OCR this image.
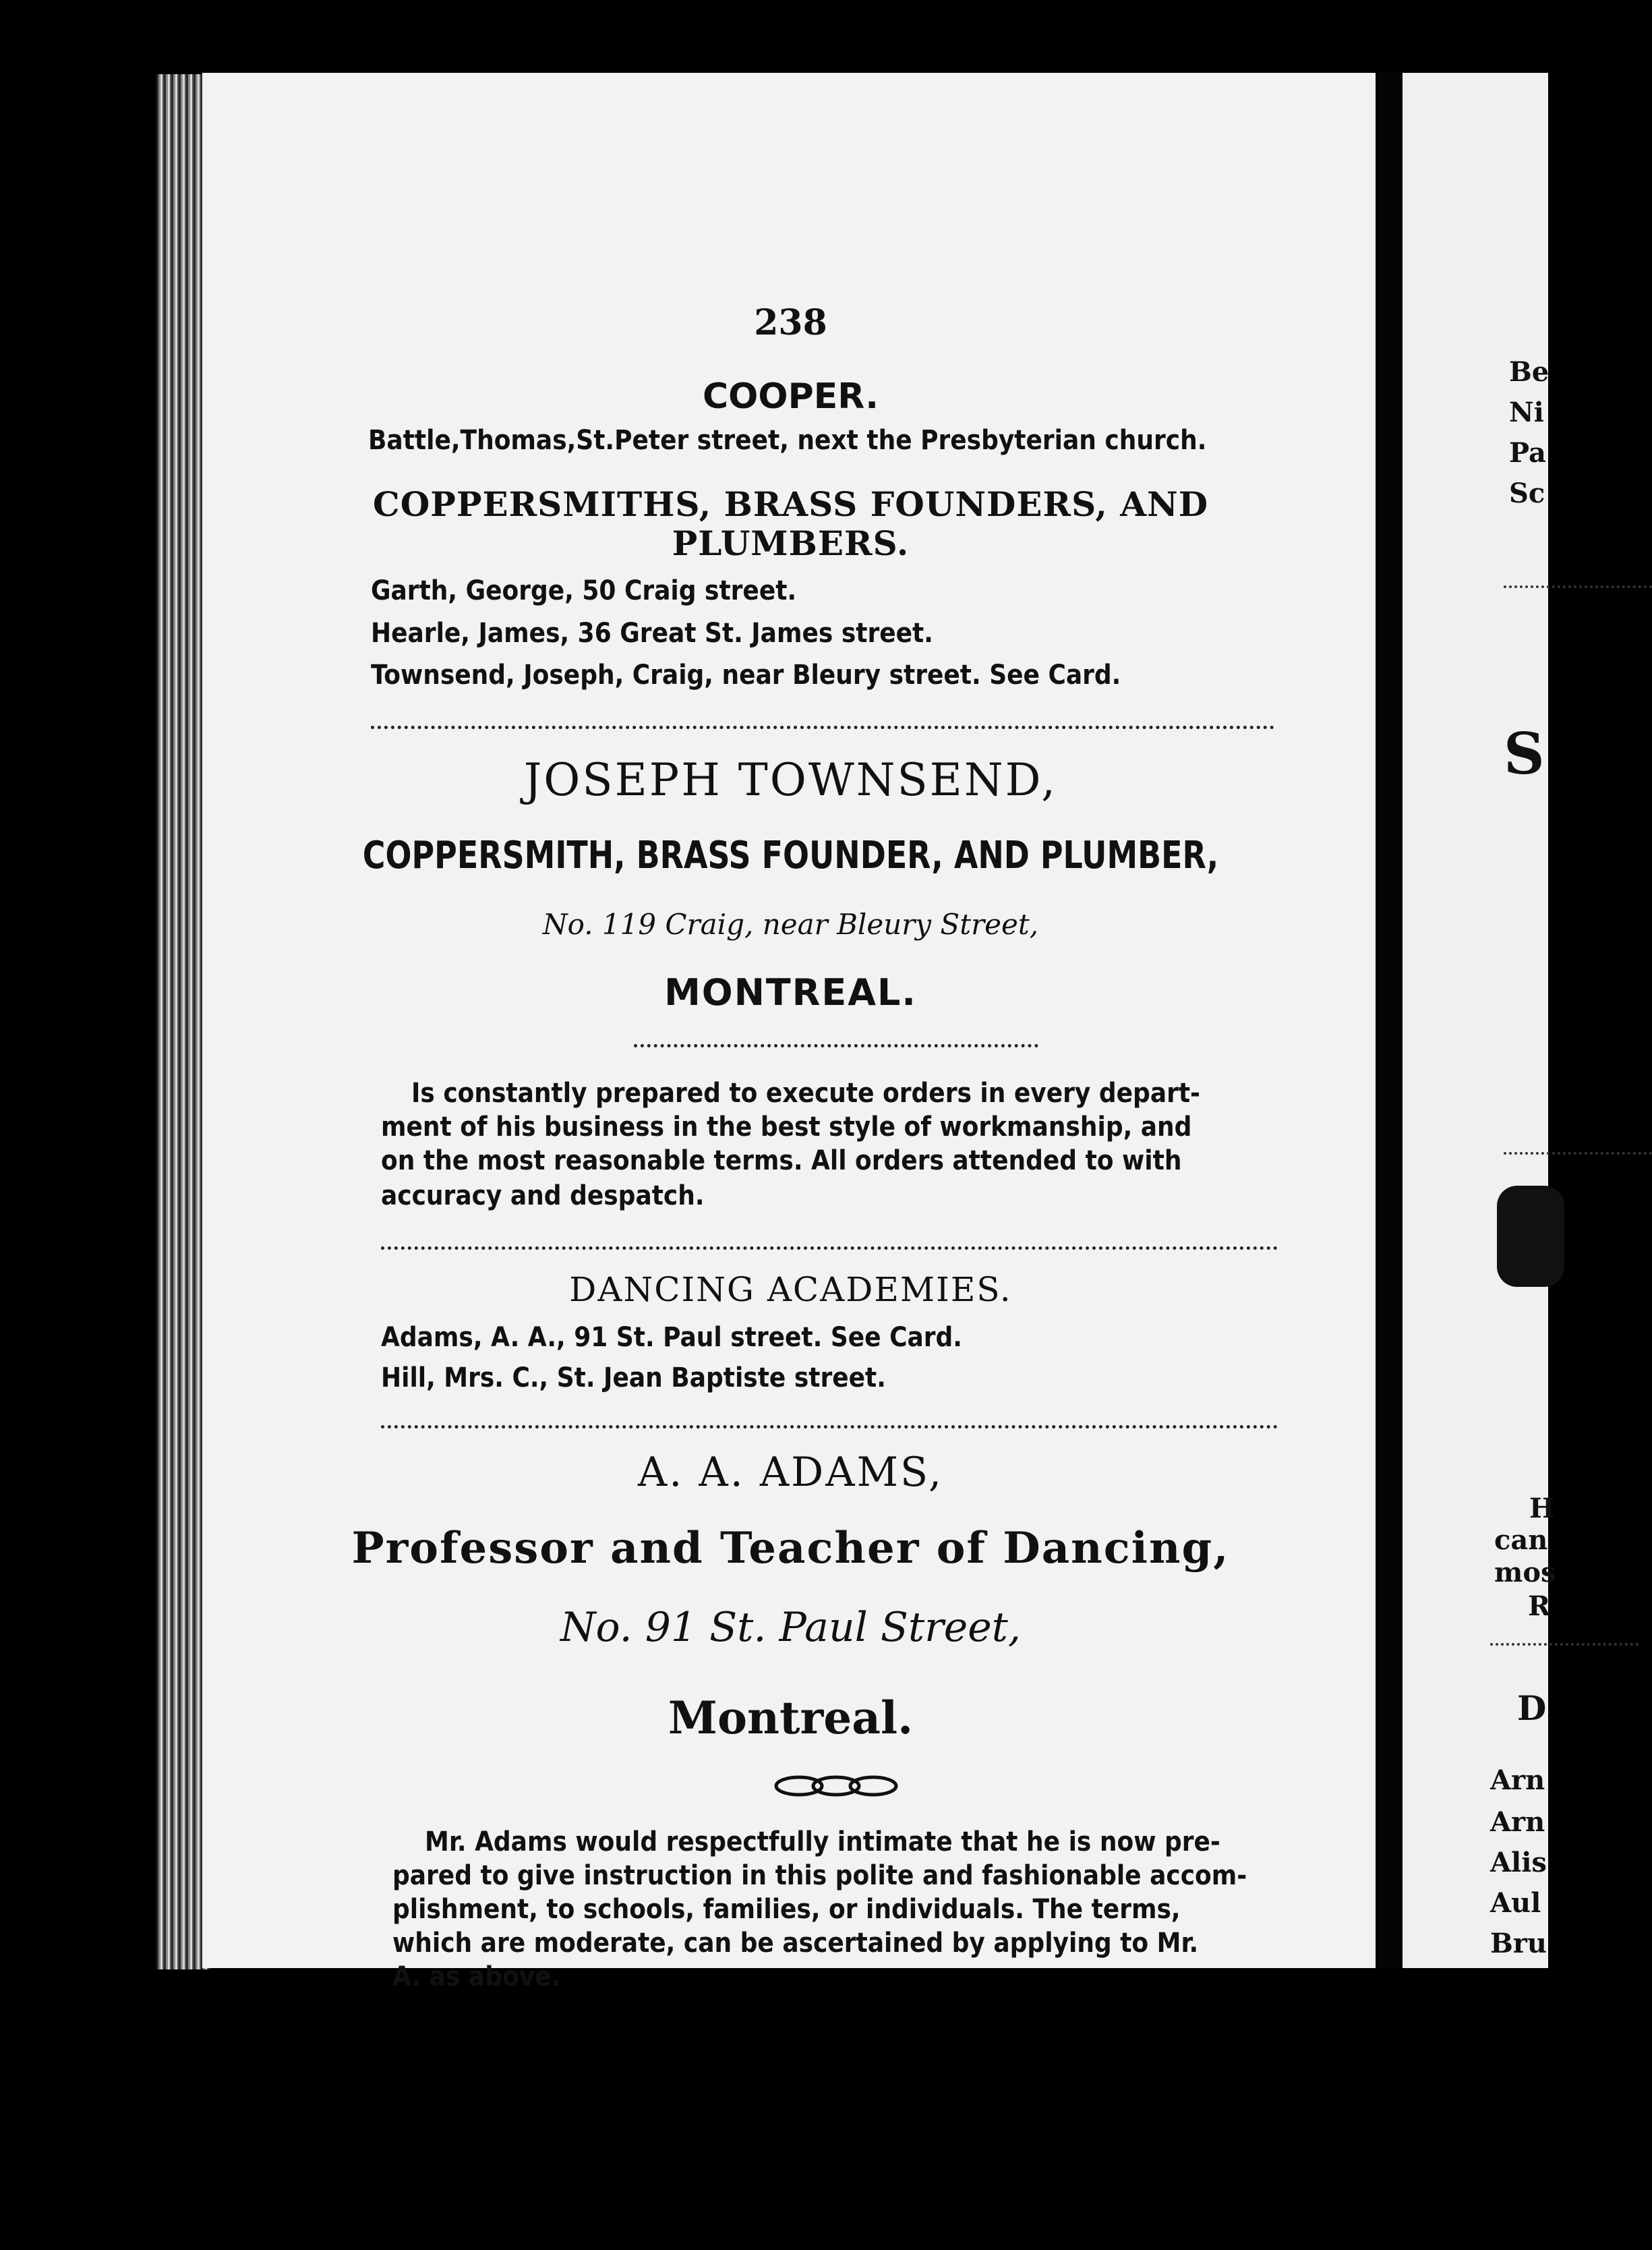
238
COOPER.
Battle,Thomas,St.Peter street, next the Presbyterian church.
COPPERSMITHS, BRASS FOUNDERS, AND
PLUMBERS.
Garth, George, 50 Craig street.
Hearle, James, 36 Great St. James street.
Townsend, Joseph, Craig, near Bleury street. See Card.
JOSEPH TOWNSEND,
COPPERSMITH, BRASS FOUNDER, AND PLUMBER,
No. 119 Craig, near Bleury Street,
MONTREAL.
Is constantly prepared to execute orders in every depart-
ment of his business in the best style of workmanship, and
on the most reasonable terms. All orders attended to with
accuracy and despatch.
DANCING ACADEMIES.
Adams, A. A., 91 St. Paul street. See Card.
Hill, Mrs. C., St. Jean Baptiste street.
A. A. ADAMS,
Professor and Teacher of Dancing,
No. 91 St. Paul Street,
Montreal.
Mr. Adams would respectfully intimate that he is now pre-
pared to give instruction in this polite and fashionable accom-
plishment, to schools, families, or individuals. The terms,
which are moderate, can be ascertained by applying to Mr.
A. as above.
Be
Ni
Pa
Sc
S
H
can
mos
R
D
Arn
Arn
Alis
Aul
Bru
